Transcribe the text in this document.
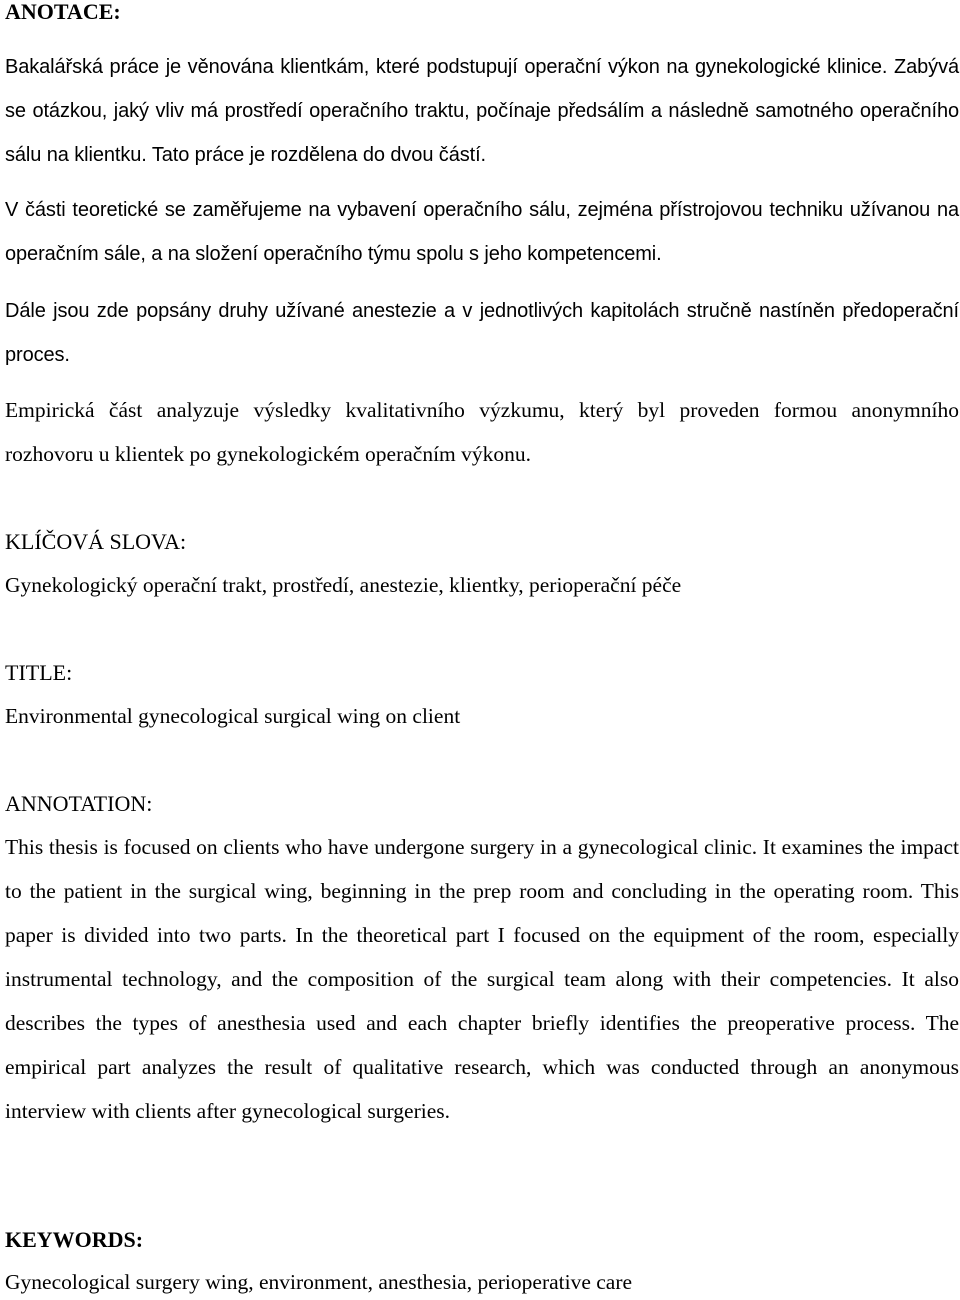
ANOTACE:

Bakalářská práce je věnována klientkám, které podstupují operační výkon na gynekologické klinice. Zabývá se otázkou, jaký vliv má prostředí operačního traktu, počínaje předsálím a následně samotného operačního sálu na klientku. Tato práce je rozdělena do dvou částí.

V části teoretické se zaměřujeme na vybavení operačního sálu, zejména přístrojovou techniku užívanou na operačním sále, a na složení operačního týmu spolu s jeho kompetencemi.

Dále jsou zde popsány druhy užívané anestezie a v jednotlivých kapitolách stručně nastíněn předoperační proces.

Empirická část analyzuje výsledky kvalitativního výzkumu, který byl proveden formou anonymního rozhovoru u klientek po gynekologickém operačním výkonu.

KLÍČOVÁ SLOVA:

Gynekologický operační trakt, prostředí, anestezie, klientky, perioperační péče

TITLE:

Environmental gynecological surgical wing on client

ANNOTATION:

This thesis is focused on clients who have undergone surgery in a gynecological clinic. It examines the impact to the patient in the surgical wing, beginning in the prep room and concluding in the operating room. This paper is divided into two parts. In the theoretical part I focused on the equipment of the room, especially instrumental technology, and the composition of the surgical team along with their competencies. It also describes the types of anesthesia used and each chapter briefly identifies the preoperative process. The empirical part analyzes the result of qualitative research, which was conducted through an anonymous interview with clients after gynecological surgeries.

KEYWORDS:

Gynecological surgery wing, environment, anesthesia, perioperative care
